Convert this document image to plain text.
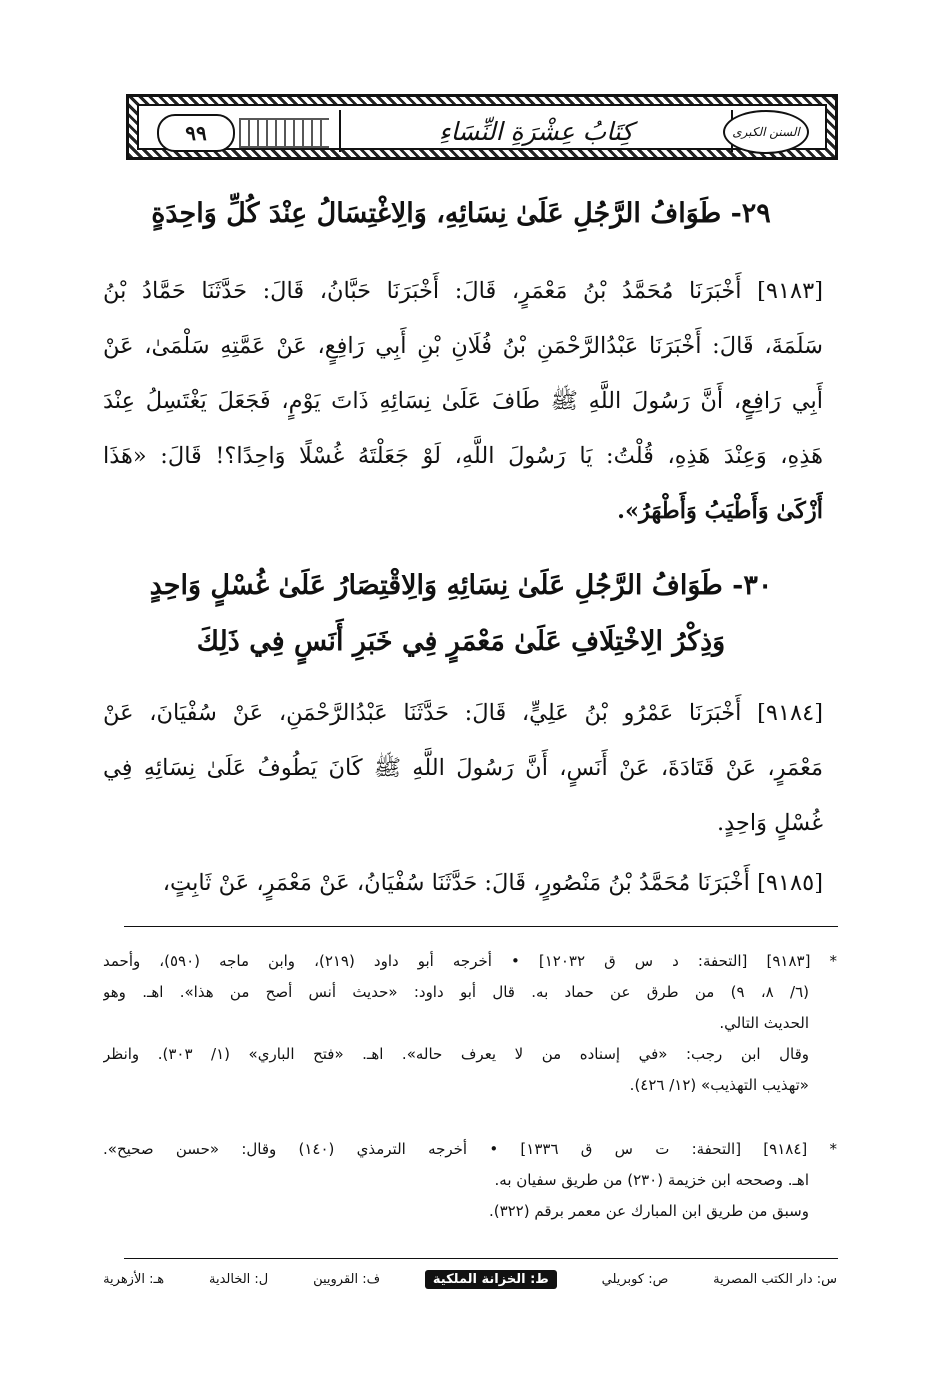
٩٩	كِتَابُ عِشْرَةِ النِّسَاءِ	السنن الكبرى
٢٩- طَوَافُ الرَّجُلِ عَلَىٰ نِسَائِهِ، وَالِاغْتِسَالُ عِنْدَ كُلِّ وَاحِدَةٍ
[٩١٨٣] أَخْبَرَنَا مُحَمَّدُ بْنُ مَعْمَرٍ، قَالَ: أَخْبَرَنَا حَبَّانُ، قَالَ: حَدَّثَنَا حَمَّادُ بْنُ
سَلَمَةَ، قَالَ: أَخْبَرَنَا عَبْدُالرَّحْمَنِ بْنُ فُلَانِ بْنِ أَبِي رَافِعٍ، عَنْ عَمَّتِهِ سَلْمَىٰ، عَنْ
أَبِي رَافِعٍ، أَنَّ رَسُولَ اللَّهِ ﷺ طَافَ عَلَىٰ نِسَائِهِ ذَاتَ يَوْمٍ، فَجَعَلَ يَغْتَسِلُ عِنْدَ
هَذِهِ، وَعِنْدَ هَذِهِ، قُلْتُ: يَا رَسُولَ اللَّهِ، لَوْ جَعَلْتَهُ غُسْلًا وَاحِدًا؟! قَالَ: «هَذَا
أَزْكَىٰ وَأَطْيَبُ وَأَطْهَرُ».
٣٠- طَوَافُ الرَّجُلِ عَلَىٰ نِسَائِهِ وَالِاقْتِصَارُ عَلَىٰ غُسْلٍ وَاحِدٍ
وَذِكْرُ الِاخْتِلَافِ عَلَىٰ مَعْمَرٍ فِي خَبَرِ أَنَسٍ فِي ذَلِكَ
[٩١٨٤] أَخْبَرَنَا عَمْرُو بْنُ عَلِيٍّ، قَالَ: حَدَّثَنَا عَبْدُالرَّحْمَنِ، عَنْ سُفْيَانَ، عَنْ
مَعْمَرٍ، عَنْ قَتَادَةَ، عَنْ أَنَسٍ، أَنَّ رَسُولَ اللَّهِ ﷺ كَانَ يَطُوفُ عَلَىٰ نِسَائِهِ فِي
غُسْلٍ وَاحِدٍ.
[٩١٨٥] أَخْبَرَنَا مُحَمَّدُ بْنُ مَنْصُورٍ، قَالَ: حَدَّثَنَا سُفْيَانُ، عَنْ مَعْمَرٍ، عَنْ ثَابِتٍ،
* [٩١٨٣] [التحفة: د س ق ١٢٠٣٢] • أخرجه أبو داود (٢١٩)، وابن ماجه (٥٩٠)، وأحمد
(٦/ ٨، ٩) من طرق عن حماد به. قال أبو داود: «حديث أنس أصح من هذا». اهـ. وهو
الحديث التالي.
وقال ابن رجب: «في إسناده من لا يعرف حاله». اهـ. «فتح الباري» (١/ ٣٠٣). وانظر
«تهذيب التهذيب» (١٢/ ٤٢٦).
* [٩١٨٤] [التحفة: ت س ق ١٣٣٦] • أخرجه الترمذي (١٤٠) وقال: «حسن صحيح».
اهـ. وصححه ابن خزيمة (٢٣٠) من طريق سفيان به.
وسبق من طريق ابن المبارك عن معمر برقم (٣٢٢).
س: دار الكتب المصرية
ص: كوبريلي
ط: الخزانة الملكية
ف: القرويين
ل: الخالدية
هـ: الأزهرية
